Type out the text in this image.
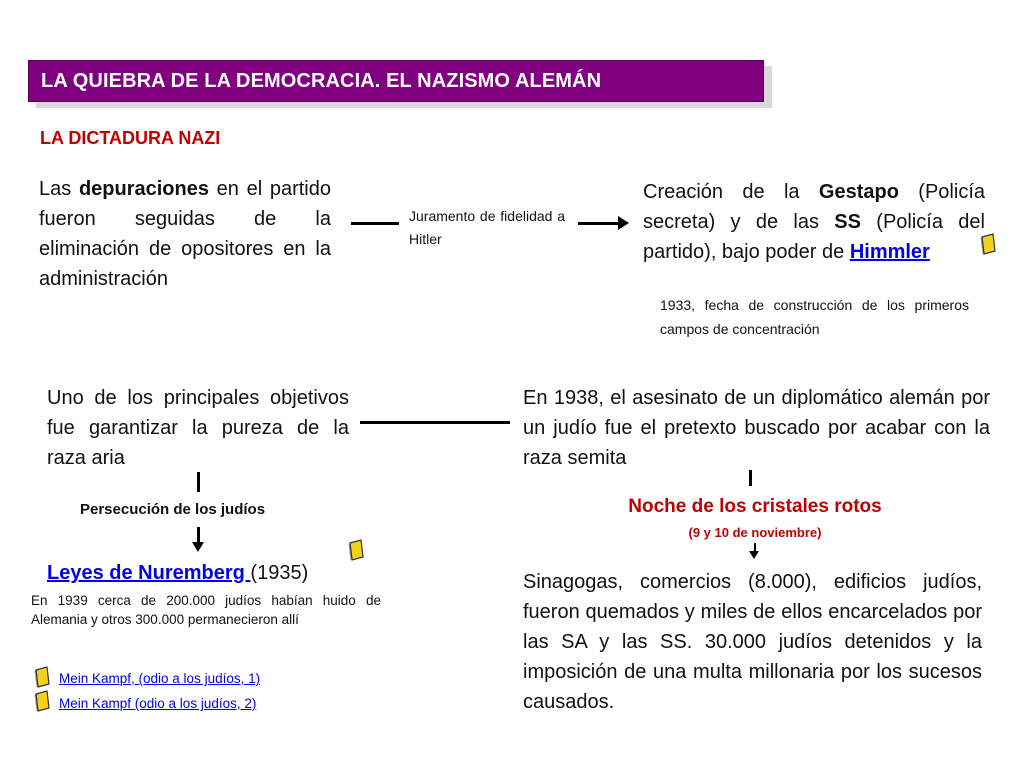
LA QUIEBRA DE LA DEMOCRACIA. EL NAZISMO ALEMÁN
LA DICTADURA NAZI
Las depuraciones en el partido fueron seguidas de la eliminación de opositores en la administración
Juramento de fidelidad a Hitler
Creación de la Gestapo (Policía secreta) y de las SS (Policía del partido), bajo poder de Himmler
1933, fecha de construcción de los primeros campos de concentración
Uno de los principales objetivos fue garantizar la pureza de la raza aria
En 1938, el asesinato de un diplomático alemán por un judío fue el pretexto buscado por acabar con la raza semita
Persecución de los judíos	Noche de los cristales rotos
(9 y 10 de noviembre)
Leyes de Nuremberg (1935)
En 1939 cerca de 200.000 judíos habían huido de Alemania y otros 300.000 permanecieron allí
Sinagogas, comercios (8.000), edificios judíos, fueron quemados y miles de ellos encarcelados por las SA y las SS. 30.000 judíos detenidos y la imposición de una multa millonaria por los sucesos causados.
Mein Kampf, (odio a los judíos, 1)
Mein Kampf (odio a los judíos, 2)
